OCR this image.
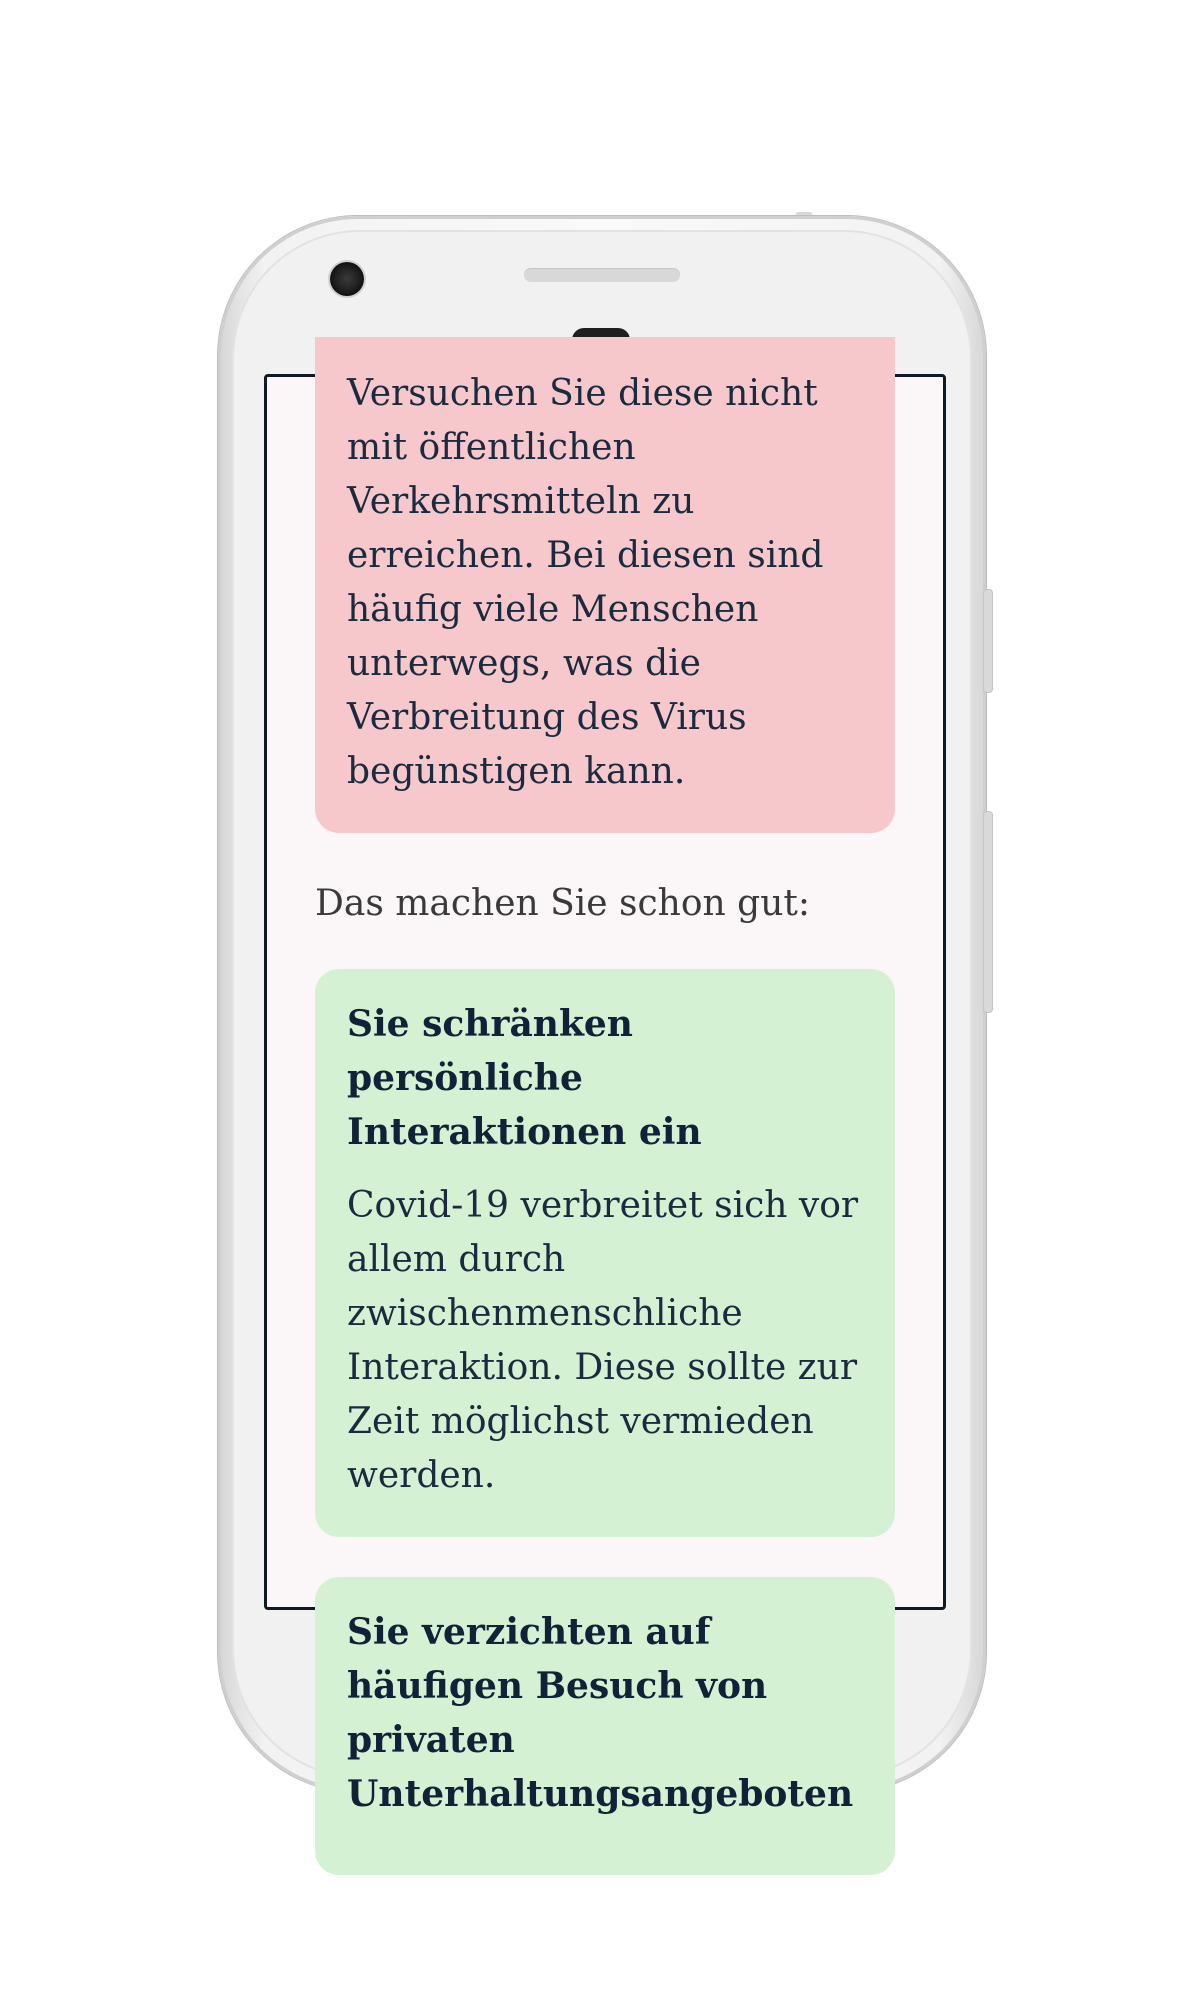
Versuchen Sie diese nicht mit öffentlichen Verkehrsmitteln zu erreichen. Bei diesen sind häufig viele Menschen unterwegs, was die Verbreitung des Virus begünstigen kann.

Das machen Sie schon gut:
Sie schränken persönliche Interaktionen ein

Covid-19 verbreitet sich vor allem durch zwischenmenschliche Interaktion. Diese sollte zur Zeit möglichst vermieden werden.

Sie verzichten auf häufigen Besuch von privaten Unterhaltungsangeboten
